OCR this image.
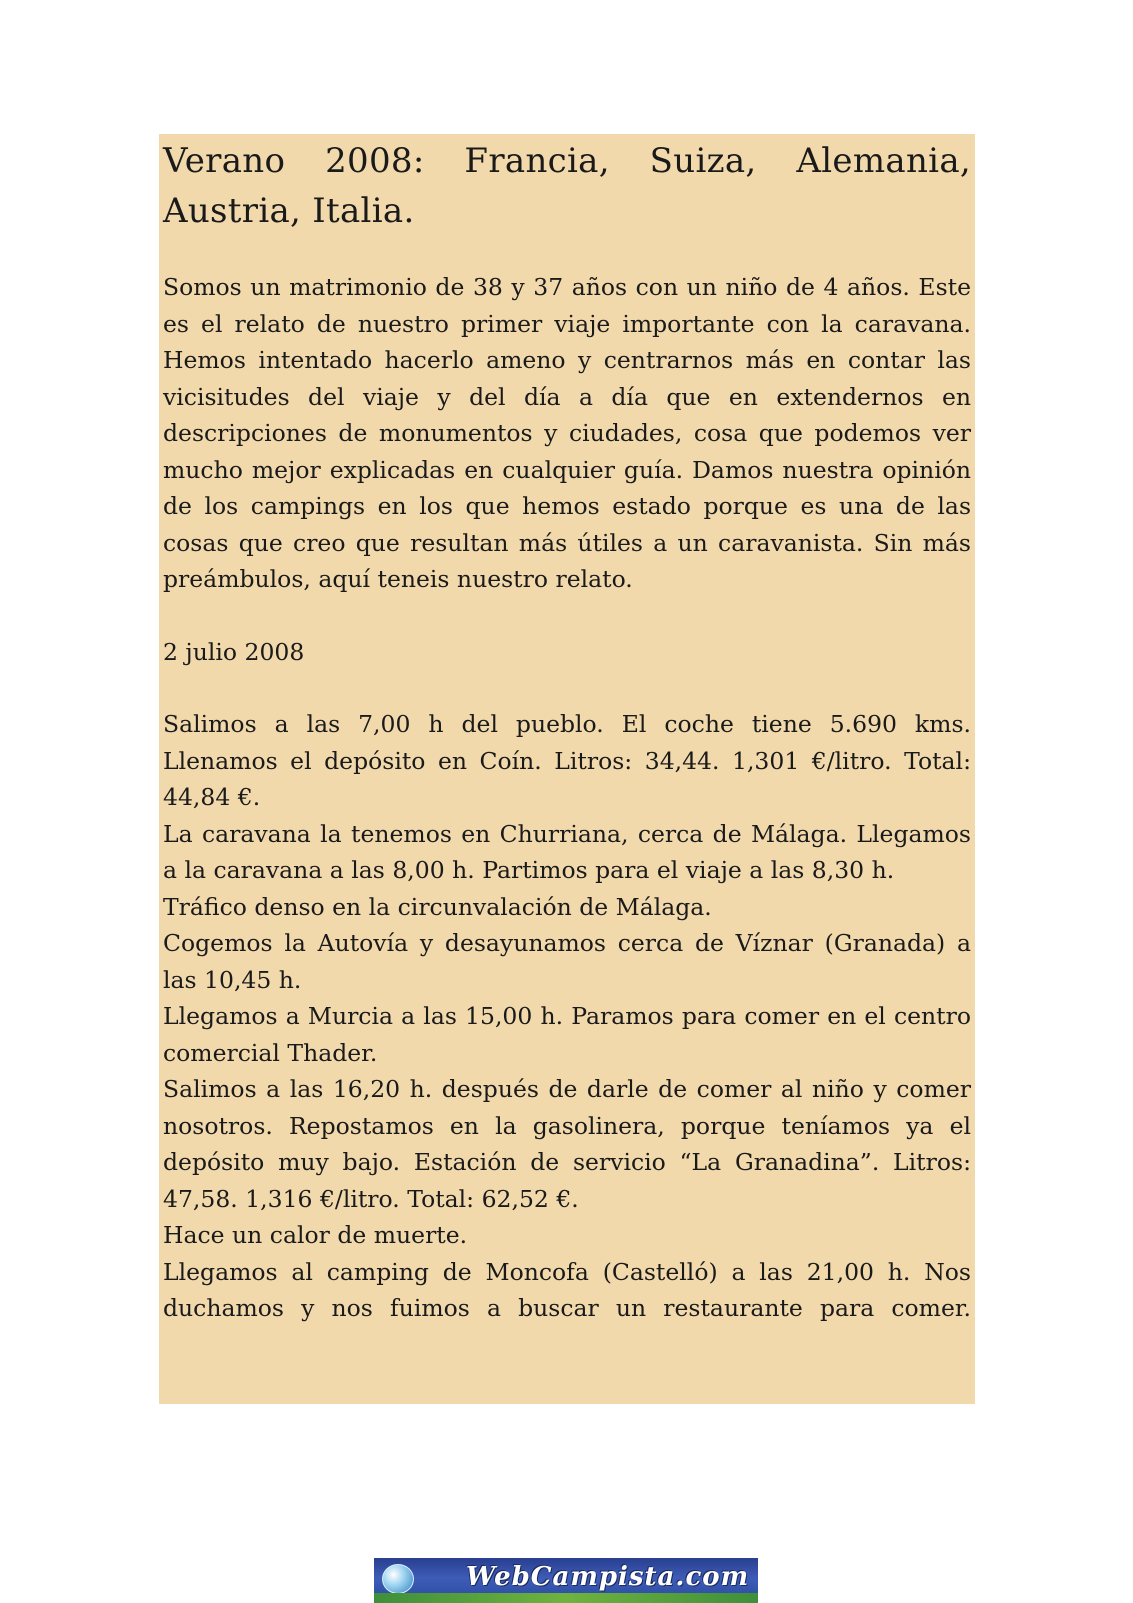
Verano 2008: Francia, Suiza, Alemania,
Austria, Italia.

Somos un matrimonio de 38 y 37 años con un niño de 4 años. Este es el relato de nuestro primer viaje importante con la caravana. Hemos intentado hacerlo ameno y centrarnos más en contar las vicisitudes del viaje y del día a día que en extendernos en descripciones de monumentos y ciudades, cosa que podemos ver mucho mejor explicadas en cualquier guía. Damos nuestra opinión de los campings en los que hemos estado porque es una de las cosas que creo que resultan más útiles a un caravanista. Sin más preámbulos, aquí teneis nuestro relato.

2 julio 2008

Salimos a las 7,00 h del pueblo. El coche tiene 5.690 kms. Llenamos el depósito en Coín. Litros: 34,44. 1,301 €/litro. Total: 44,84 €.

La caravana la tenemos en Churriana, cerca de Málaga. Llegamos a la caravana a las 8,00 h. Partimos para el viaje a las 8,30 h.

Tráfico denso en la circunvalación de Málaga.

Cogemos la Autovía y desayunamos cerca de Víznar (Granada) a las 10,45 h.

Llegamos a Murcia a las 15,00 h. Paramos para comer en el centro comercial Thader.

Salimos a las 16,20 h. después de darle de comer al niño y comer nosotros. Repostamos en la gasolinera, porque teníamos ya el depósito muy bajo. Estación de servicio “La Granadina”. Litros: 47,58. 1,316 €/litro. Total: 62,52 €.

Hace un calor de muerte.

Llegamos al camping de Moncofa (Castelló) a las 21,00 h. Nos duchamos y nos fuimos a buscar un restaurante para comer.

WebCampista.com
